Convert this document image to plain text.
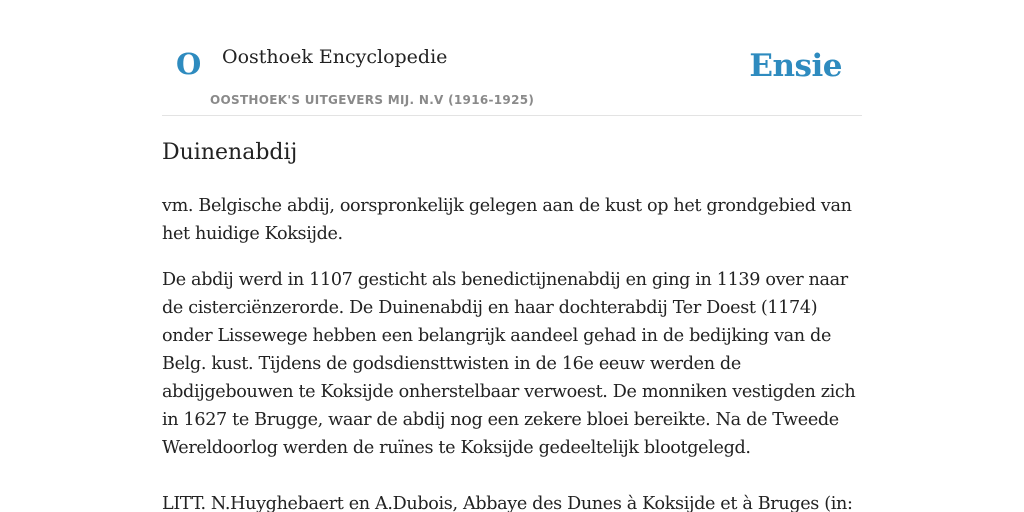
O Oosthoek Encyclopedie
OOSTHOEK'S UITGEVERS MIJ. N.V (1916-1925)
Ensie
Duinenabdij

vm. Belgische abdij, oorspronkelijk gelegen aan de kust op het grondgebied van het huidige Koksijde.

De abdij werd in 1107 gesticht als benedictijnenabdij en ging in 1139 over naar de cisterciënzerorde. De Duinenabdij en haar dochterabdij Ter Doest (1174) onder Lissewege hebben een belangrijk aandeel gehad in de bedijking van de Belg. kust. Tijdens de godsdiensttwisten in de 16e eeuw werden de abdijgebouwen te Koksijde onherstelbaar verwoest. De monniken vestigden zich in 1627 te Brugge, waar de abdij nog een zekere bloei bereikte. Na de Tweede Wereldoorlog werden de ruïnes te Koksijde gedeeltelijk blootgelegd.

LITT. N.Huyghebaert en A.Dubois, Abbaye des Dunes à Koksijde et à Bruges (in:
